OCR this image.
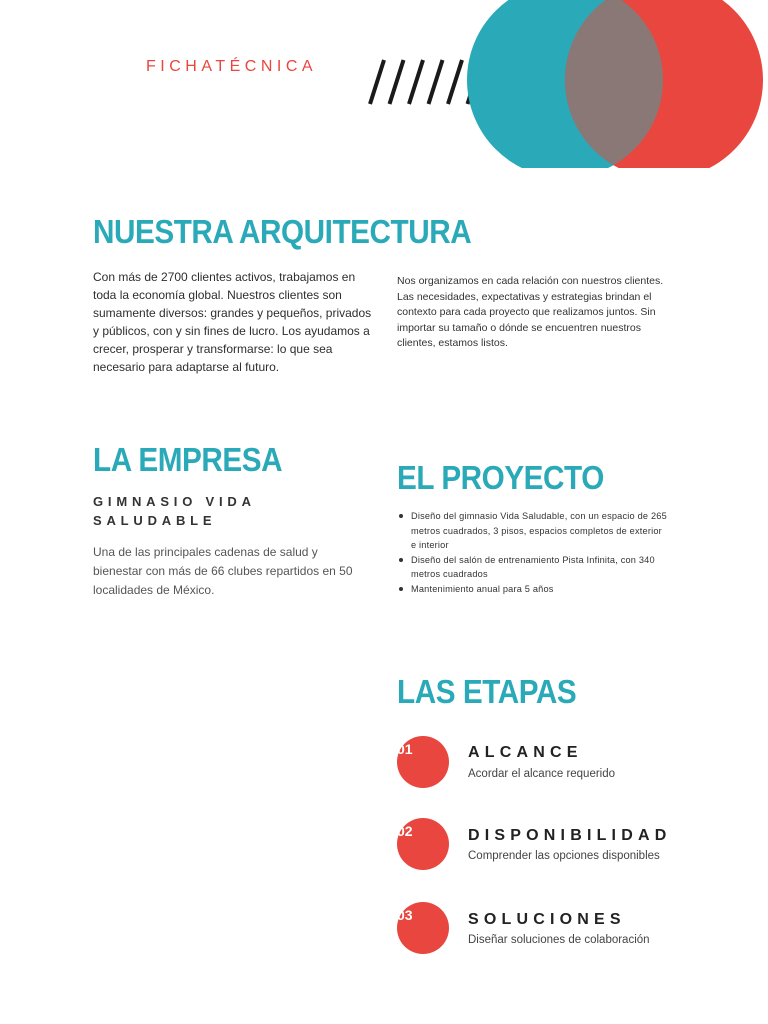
FICHATÉCNICA
NUESTRA ARQUITECTURA
Con más de 2700 clientes activos, trabajamos en toda la economía global. Nuestros clientes son sumamente diversos: grandes y pequeños, privados y públicos, con y sin fines de lucro. Los ayudamos a crecer, prosperar y transformarse: lo que sea necesario para adaptarse al futuro.
Nos organizamos en cada relación con nuestros clientes. Las necesidades, expectativas y estrategias brindan el contexto para cada proyecto que realizamos juntos. Sin importar su tamaño o dónde se encuentren nuestros clientes, estamos listos.
LA EMPRESA
GIMNASIO VIDA SALUDABLE
Una de las principales cadenas de salud y bienestar con más de 66 clubes repartidos en 50 localidades de México.
EL PROYECTO
Diseño del gimnasio Vida Saludable, con un espacio de 265 metros cuadrados, 3 pisos, espacios completos de exterior e interior
Diseño del salón de entrenamiento Pista Infinita, con 340 metros cuadrados
Mantenimiento anual para 5 años
LAS ETAPAS
01	ALCANCE
Acordar el alcance requerido
02	DISPONIBILIDAD
Comprender las opciones disponibles
03	SOLUCIONES
Diseñar soluciones de colaboración
